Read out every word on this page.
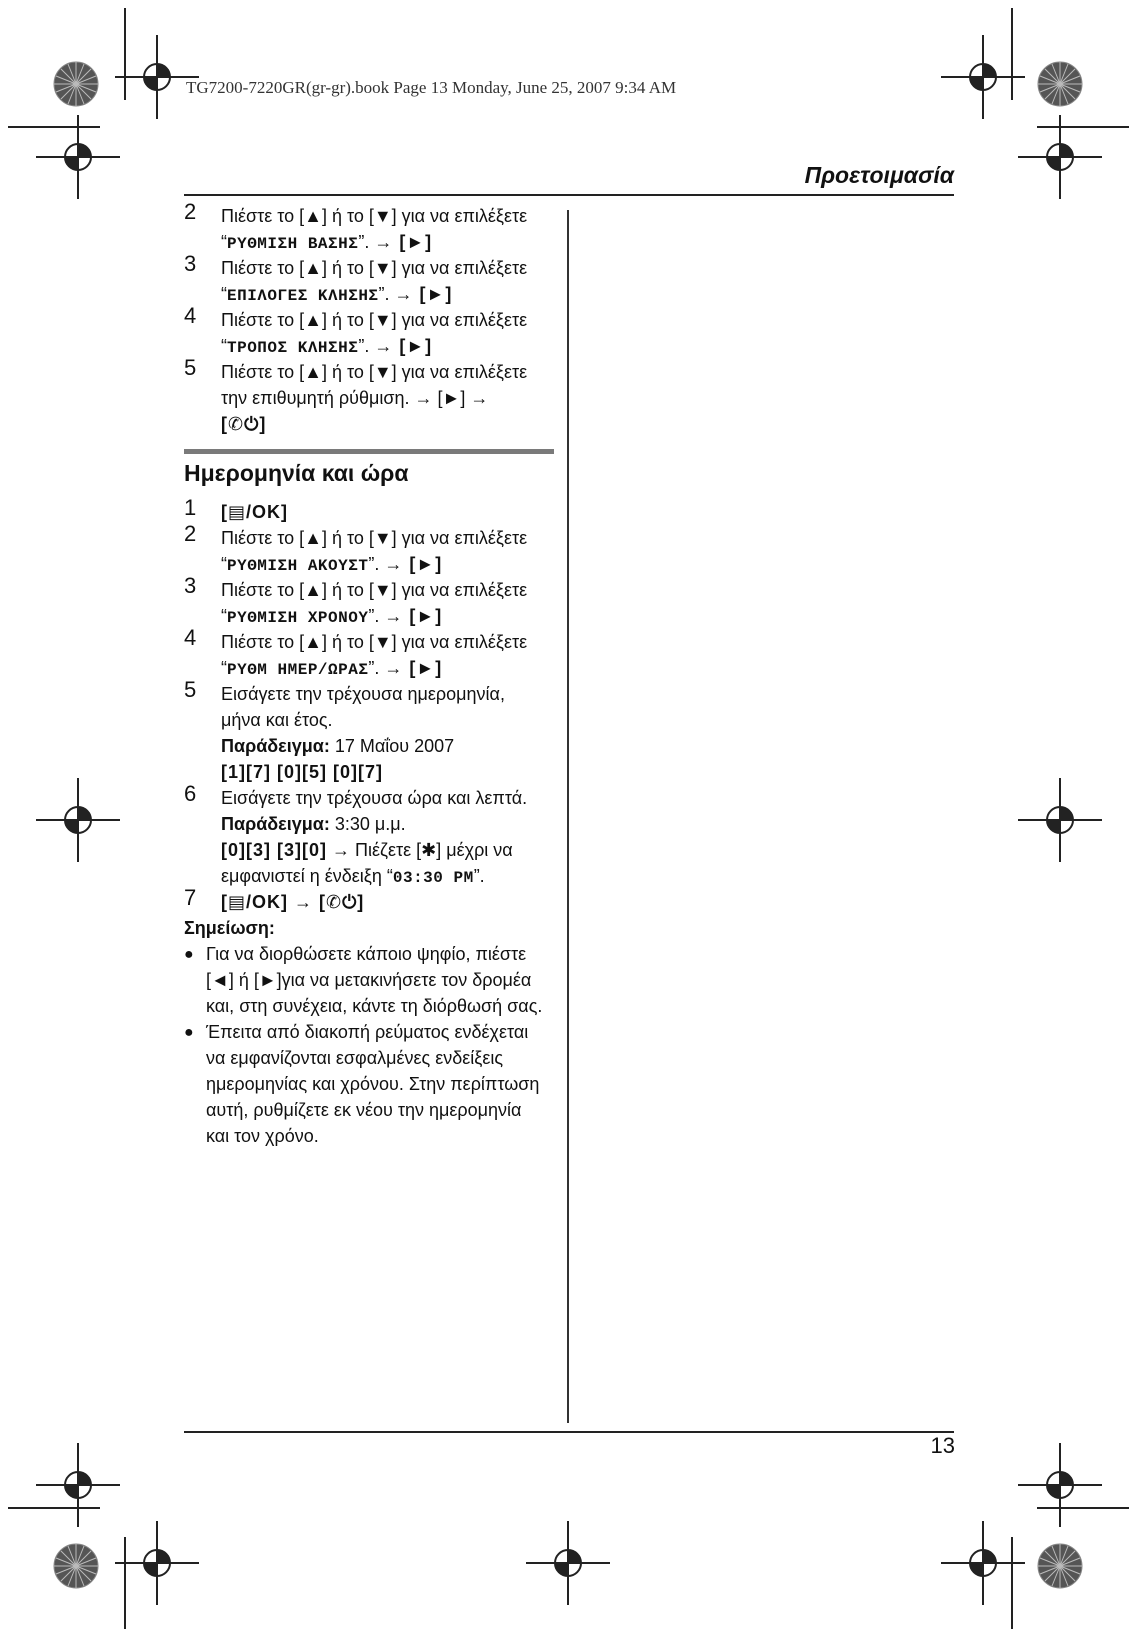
TG7200-7220GR(gr-gr).book Page 13 Monday, June 25, 2007 9:34 AM
Προετοιμασία
13
2 Πιέστε το [▲] ή το [▼] για να επιλέξετε
“ΡΥΘΜΙΣΗ ΒΑΣΗΣ”. → [►]
3 Πιέστε το [▲] ή το [▼] για να επιλέξετε
“ΕΠΙΛΟΓΕΣ ΚΛΗΣΗΣ”. → [►]
4 Πιέστε το [▲] ή το [▼] για να επιλέξετε
“ΤΡΟΠΟΣ ΚΛΗΣΗΣ”. → [►]
5 Πιέστε το [▲] ή το [▼] για να επιλέξετε
την επιθυμητή ρύθμιση. → [►] →
[✆⏻]
Ημερομηνία και ώρα
1 [▤/OK]
2 Πιέστε το [▲] ή το [▼] για να επιλέξετε
“ΡΥΘΜΙΣΗ ΑΚΟΥΣΤ”. → [►]
3 Πιέστε το [▲] ή το [▼] για να επιλέξετε
“ΡΥΘΜΙΣΗ ΧΡΟΝΟΥ”. → [►]
4 Πιέστε το [▲] ή το [▼] για να επιλέξετε
“ΡΥΘΜ ΗΜΕΡ/ΩΡΑΣ”. → [►]
5 Εισάγετε την τρέχουσα ημερομηνία,
μήνα και έτος.
Παράδειγμα: 17 Μαΐου 2007
[1][7] [0][5] [0][7]
6 Εισάγετε την τρέχουσα ώρα και λεπτά.
Παράδειγμα: 3:30 μ.μ.
[0][3] [3][0] → Πιέζετε [✱] μέχρι να
εμφανιστεί η ένδειξη “03:30 PM”.
7 [▤/OK] → [✆⏻]
Σημείωση:
● Για να διορθώσετε κάποιο ψηφίο, πιέστε
[◄] ή [►]για να μετακινήσετε τον δρομέα
και, στη συνέχεια, κάντε τη διόρθωσή σας.
● Έπειτα από διακοπή ρεύματος ενδέχεται
να εμφανίζονται εσφαλμένες ενδείξεις
ημερομηνίας και χρόνου. Στην περίπτωση
αυτή, ρυθμίζετε εκ νέου την ημερομηνία
και τον χρόνο.
